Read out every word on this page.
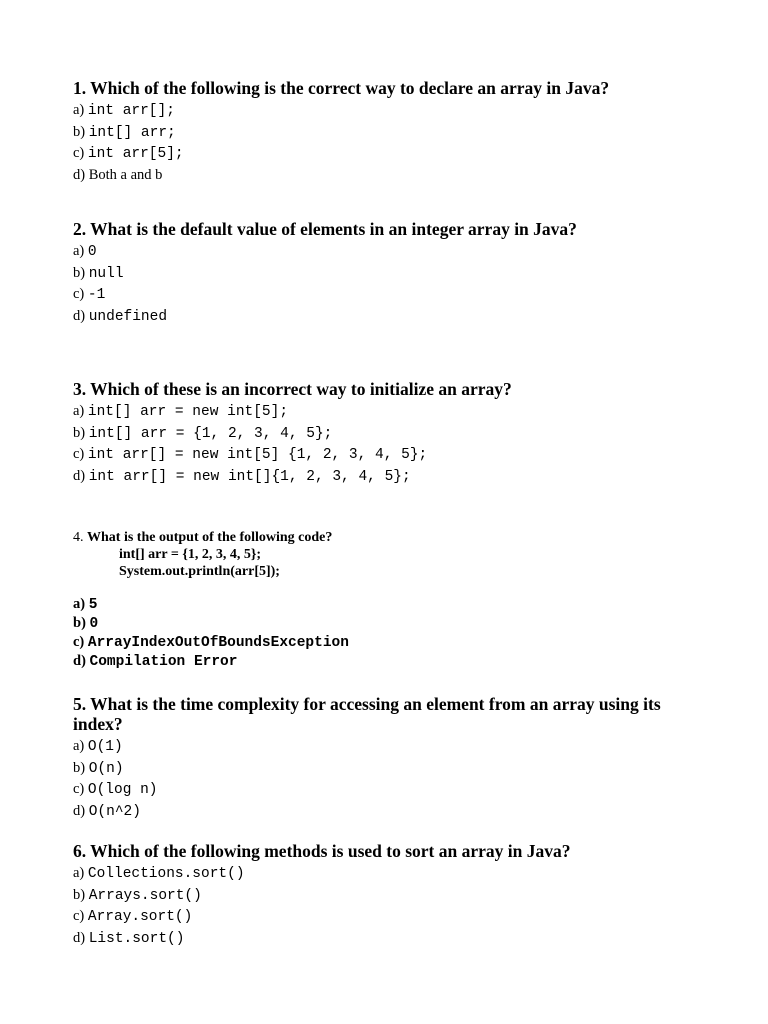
1. Which of the following is the correct way to declare an array in Java?
a) int arr[];
b) int[] arr;
c) int arr[5];
d) Both a and b
2. What is the default value of elements in an integer array in Java?
a) 0
b) null
c) -1
d) undefined
3. Which of these is an incorrect way to initialize an array?
a) int[] arr = new int[5];
b) int[] arr = {1, 2, 3, 4, 5};
c) int arr[] = new int[5] {1, 2, 3, 4, 5};
d) int arr[] = new int[]{1, 2, 3, 4, 5};
4. What is the output of the following code?
int[] arr = {1, 2, 3, 4, 5};
System.out.println(arr[5]);
a) 5
b) 0
c) ArrayIndexOutOfBoundsException
d) Compilation Error
5. What is the time complexity for accessing an element from an array using its
index?
a) O(1)
b) O(n)
c) O(log n)
d) O(n^2)
6. Which of the following methods is used to sort an array in Java?
a) Collections.sort()
b) Arrays.sort()
c) Array.sort()
d) List.sort()
